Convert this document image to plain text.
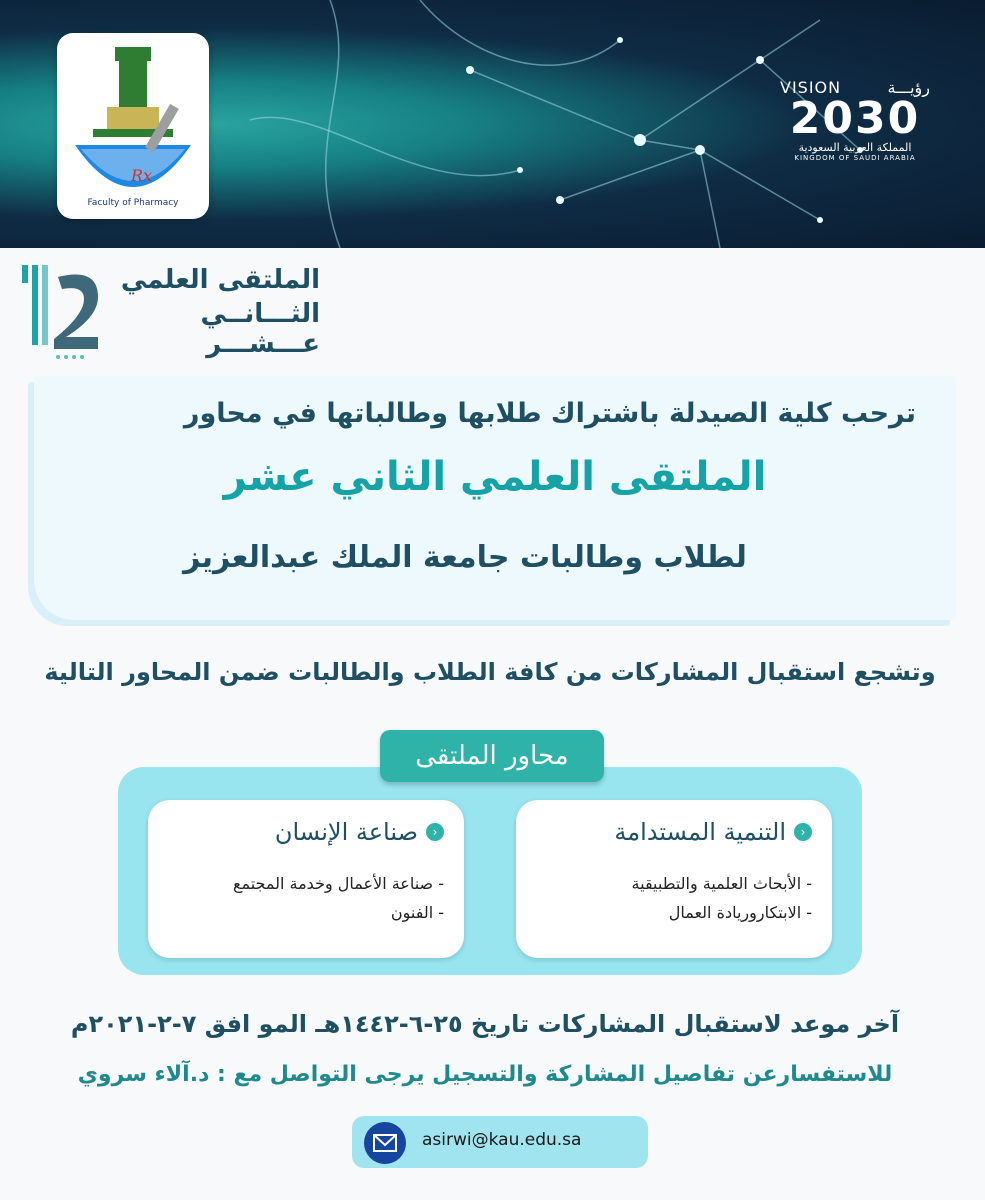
Rx
Faculty of Pharmacy
VISION	رؤيـــة
2030
المملكة العربية السعودية
KINGDOM OF SAUDI ARABIA
الملتقى العلمي
الثـــانــي عـــشـــر
ترحب كلية الصيدلة باشتراك طلابها وطالباتها في محاور
الملتقى العلمي الثاني عشر
لطلاب وطالبات جامعة الملك عبدالعزيز
وتشجع استقبال المشاركات من كافة الطلاب والطالبات ضمن المحاور التالية
محاور الملتقى
‹
التنمية المستدامة
- الأبحاث العلمية والتطبيقية
- الابتكاروريادة العمال
‹
صناعة الإنسان
- صناعة الأعمال وخدمة المجتمع
- الفنون
آخر موعد لاستقبال المشاركات تاريخ ٢٥-٦-١٤٤٢هـ المو افق ٧-٢-٢٠٢١م
للاستفسارعن تفاصيل المشاركة والتسجيل يرجى التواصل مع : د.آلاء سروي
asirwi@kau.edu.sa
